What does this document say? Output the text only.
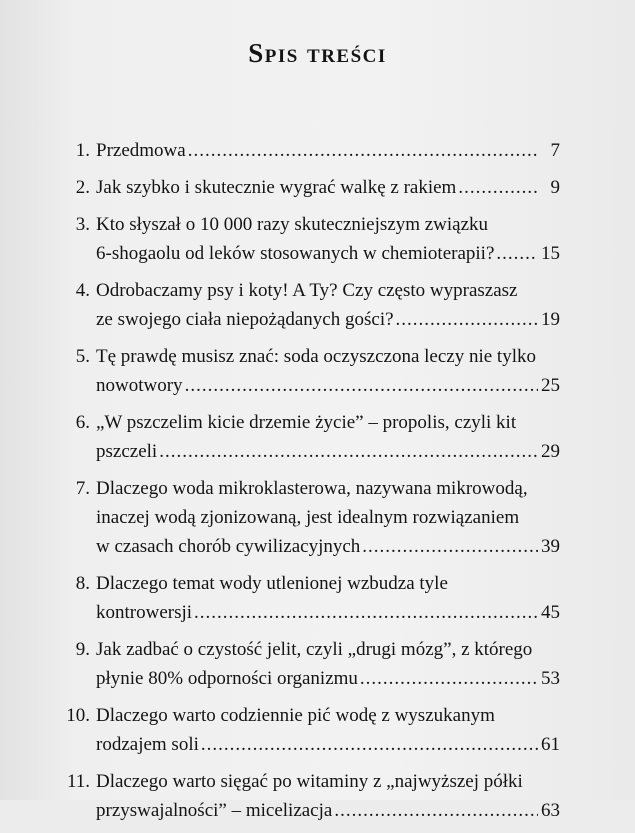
Spis treści
1. Przedmowa .....	7
2. Jak szybko i skutecznie wygrać walkę z rakiem .....	9
3. Kto słyszał o 10 000 razy skuteczniejszym związku
6-shogaolu od leków stosowanych w chemioterapii? ..... 15
4. Odrobaczamy psy i koty! A Ty? Czy często wypraszasz
ze swojego ciała niepożądanych gości? .....	19
5. Tę prawdę musisz znać: soda oczyszczona leczy nie tylko
nowotwory .....	25
6. „W pszczelim kicie drzemie życie” – propolis, czyli kit
pszczeli .....	29
7. Dlaczego woda mikroklasterowa, nazywana mikrowodą,
inaczej wodą zjonizowaną, jest idealnym rozwiązaniem
w czasach chorób cywilizacyjnych .....	39
8. Dlaczego temat wody utlenionej wzbudza tyle
kontrowersji .....	45
9. Jak zadbać o czystość jelit, czyli „drugi mózg”, z którego
płynie 80% odporności organizmu .....	53
10. Dlaczego warto codziennie pić wodę z wyszukanym
rodzajem soli .....	61
11. Dlaczego warto sięgać po witaminy z „najwyższej półki
przyswajalności” – micelizacja .....	63
